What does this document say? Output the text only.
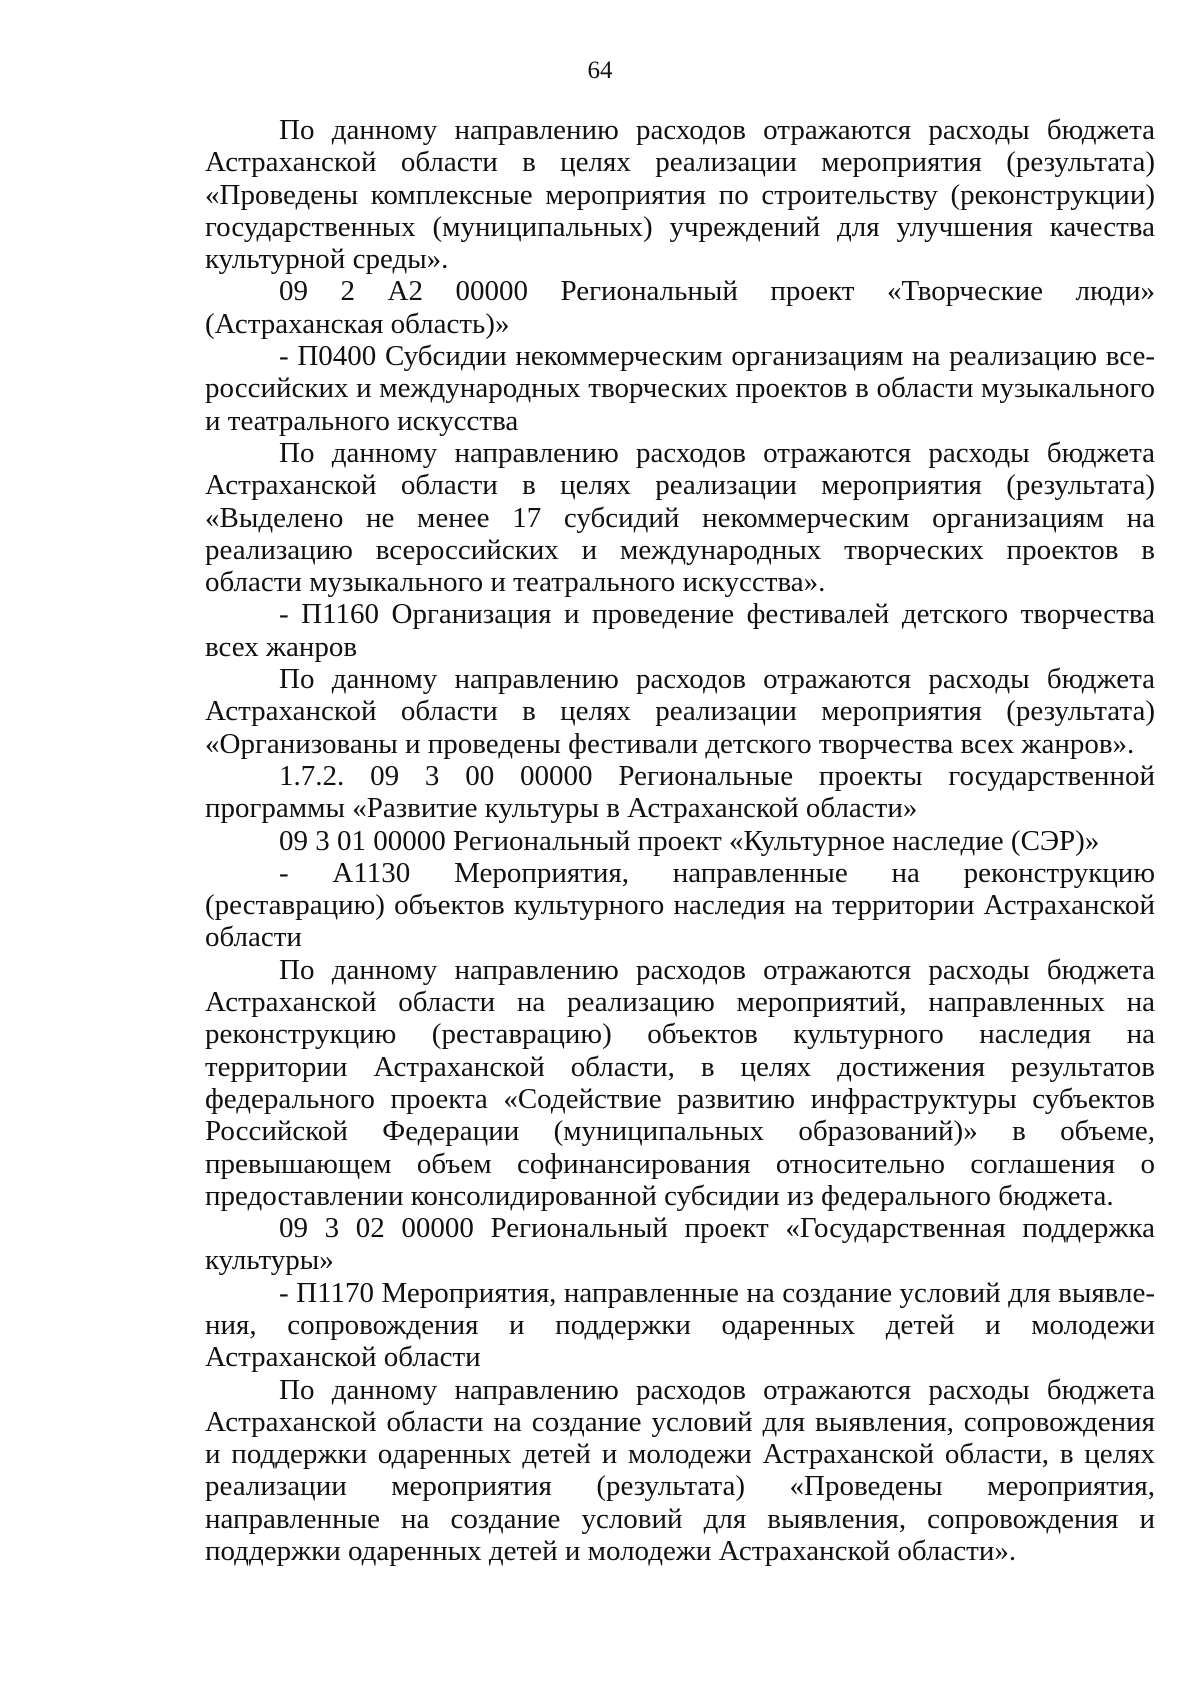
64

По данному направлению расходов отражаются расходы бюджета Астраханской области в целях реализации мероприятия (результата) «Проведены комплексные мероприятия по строительству (реконструкции) государственных (муниципальных) учреждений для улучшения качества культурной среды».

09 2 А2 00000 Региональный проект «Творческие люди» (Астраханская область)»

- П0400 Субсидии некоммерческим организациям на реализацию всероссийских и международных творческих проектов в области музыкального и театрального искусства

По данному направлению расходов отражаются расходы бюджета Астраханской области в целях реализации мероприятия (результата) «Выделено не менее 17 субсидий некоммерческим организациям на реализацию всероссийских и международных творческих проектов в области музыкального и театрального искусства».

- П1160 Организация и проведение фестивалей детского творчества всех жанров

По данному направлению расходов отражаются расходы бюджета Астраханской области в целях реализации мероприятия (результата) «Организованы и проведены фестивали детского творчества всех жанров».

1.7.2. 09 3 00 00000 Региональные проекты государственной программы «Развитие культуры в Астраханской области»

09 3 01 00000 Региональный проект «Культурное наследие (СЭР)»

- А1130 Мероприятия, направленные на реконструкцию (реставрацию) объектов культурного наследия на территории Астраханской области

По данному направлению расходов отражаются расходы бюджета Астраханской области на реализацию мероприятий, направленных на реконструкцию (реставрацию) объектов культурного наследия на территории Астраханской области, в целях достижения результатов федерального проекта «Содействие развитию инфраструктуры субъектов Российской Федерации (муниципальных образований)» в объеме, превышающем объем софинансирования относительно соглашения о предоставлении консолидированной субсидии из федерального бюджета.

09 3 02 00000 Региональный проект «Государственная поддержка культуры»

- П1170 Мероприятия, направленные на создание условий для выявления, сопровождения и поддержки одаренных детей и молодежи Астраханской области

По данному направлению расходов отражаются расходы бюджета Астраханской области на создание условий для выявления, сопровождения и поддержки одаренных детей и молодежи Астраханской области, в целях реализации мероприятия (результата) «Проведены мероприятия, направленные на создание условий для выявления, сопровождения и поддержки одаренных детей и молодежи Астраханской области».
